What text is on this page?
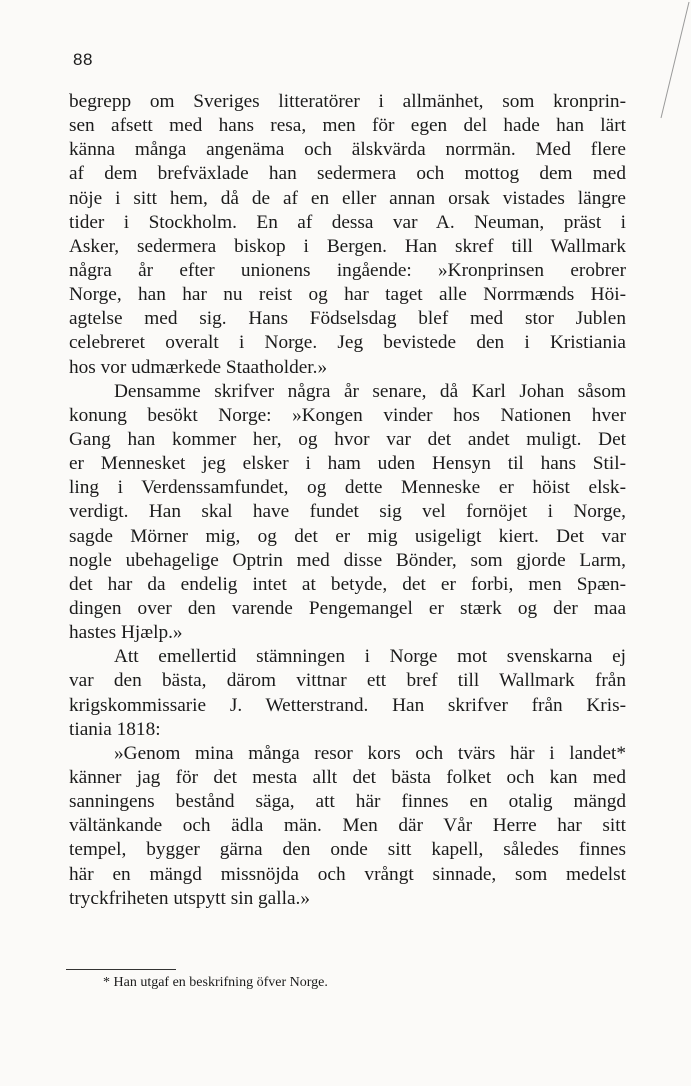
88
begrepp om Sveriges litteratörer i allmänhet, som kronprin-
sen afsett med hans resa, men för egen del hade han lärt
känna många angenäma och älskvärda norrmän. Med flere
af dem brefväxlade han sedermera och mottog dem med
nöje i sitt hem, då de af en eller annan orsak vistades längre
tider i Stockholm. En af dessa var A. Neuman, präst i
Asker, sedermera biskop i Bergen. Han skref till Wallmark
några år efter unionens ingående: »Kronprinsen erobrer
Norge, han har nu reist og har taget alle Norrmænds Höi-
agtelse med sig. Hans Födselsdag blef med stor Jublen
celebreret overalt i Norge. Jeg bevistede den i Kristiania
hos vor udmærkede Staatholder.»
Densamme skrifver några år senare, då Karl Johan såsom
konung besökt Norge: »Kongen vinder hos Nationen hver
Gang han kommer her, og hvor var det andet muligt. Det
er Mennesket jeg elsker i ham uden Hensyn til hans Stil-
ling i Verdenssamfundet, og dette Menneske er höist elsk-
verdigt. Han skal have fundet sig vel fornöjet i Norge,
sagde Mörner mig, og det er mig usigeligt kiert. Det var
nogle ubehagelige Optrin med disse Bönder, som gjorde Larm,
det har da endelig intet at betyde, det er forbi, men Spæn-
dingen over den varende Pengemangel er stærk og der maa
hastes Hjælp.»
Att emellertid stämningen i Norge mot svenskarna ej
var den bästa, därom vittnar ett bref till Wallmark från
krigskommissarie J. Wetterstrand. Han skrifver från Kris-
tiania 1818:
»Genom mina många resor kors och tvärs här i landet*
känner jag för det mesta allt det bästa folket och kan med
sanningens bestånd säga, att här finnes en otalig mängd
vältänkande och ädla män. Men där Vår Herre har sitt
tempel, bygger gärna den onde sitt kapell, således finnes
här en mängd missnöjda och vrångt sinnade, som medelst
tryckfriheten utspytt sin galla.»
* Han utgaf en beskrifning öfver Norge.
